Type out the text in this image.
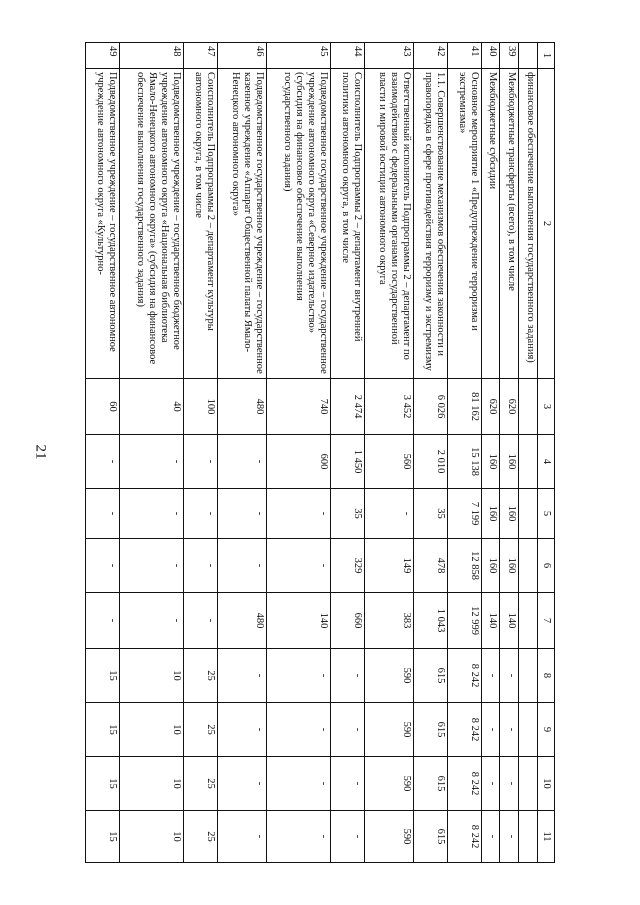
21
1	2	3	4	5	6	7	8	9	10	11
	финансовое обеспечение выполнения государственного задания)									
39	Межбюджетные трансферты (всего), в том числе	620	160	160	160	140	-	-	-	-
40	Межбюджетные субсидии	620	160	160	160	140	-	-	-	-
41	Основное мероприятие 1 «Предупреждение терроризма и экстремизма»	81 162	15 138	7 199	12 858	12 999	8 242	8 242	8 242	8 242
42	1.1. Совершенствование механизмов обеспечения законности и правопорядка в сфере противодействия терроризму и экстремизму	6 026	2 010	35	478	1 043	615	615	615	615
43	Ответственный исполнитель Подпрограммы 2 – департамент по взаимодействию с федеральными органами государственной власти и мировой юстиции автономного округа	3 452	560	-	149	383	590	590	590	590
44	Соисполнитель Подпрограммы 2 – департамент внутренней политики автономного округа, в том числе	2 474	1 450	35	329	660	-	-	-	-
45	Подведомственное государственное учреждение – государственное учреждение автономного округа «Северное издательство» (субсидия на финансовое обеспечение выполнения государственного задания)	740	600	-	-	140	-	-	-	-
46	Подведомственное государственное учреждение – государственное казенное учреждение «Аппарат Общественной палаты Ямало-Ненецкого автономного округа»	480	-	-	-	480	-	-	-	-
47	Соисполнитель Подпрограммы 2 – департамент культуры автономного округа, в том числе	100	-	-	-	-	25	25	25	25
48	Подведомственное учреждение – государственное бюджетное учреждение автономного округа «Национальная библиотека Ямало-Ненецкого автономного округа» (субсидия на финансовое обеспечение выполнения государственного задания)	40	-	-	-	-	10	10	10	10
49	Подведомственное учреждение – государственное автономное учреждение автономного округа «Культурно-	60	-	-	-	-	15	15	15	15
